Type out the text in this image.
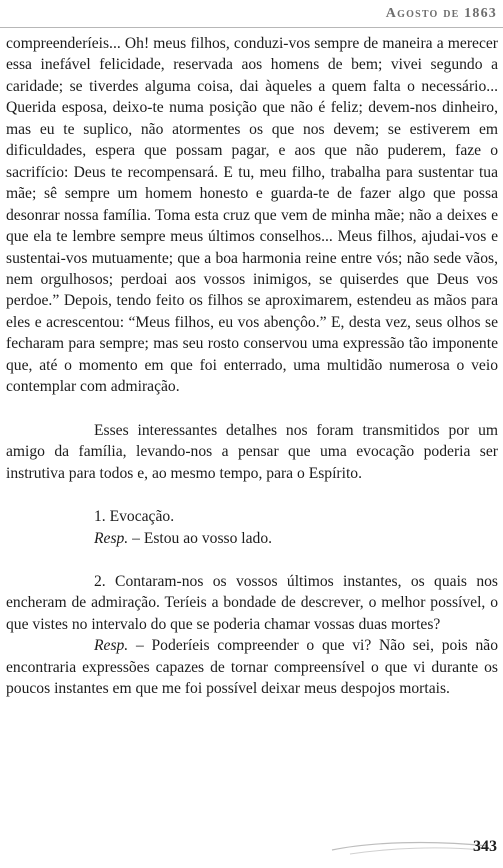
Agosto de 1863

compreenderíeis... Oh! meus filhos, conduzi-vos sempre de maneira a merecer essa inefável felicidade, reservada aos homens de bem; vivei segundo a caridade; se tiverdes alguma coisa, dai àqueles a quem falta o necessário... Querida esposa, deixo-te numa posição que não é feliz; devem-nos dinheiro, mas eu te suplico, não atormentes os que nos devem; se estiverem em dificuldades, espera que possam pagar, e aos que não puderem, faze o sacrifício: Deus te recompensará. E tu, meu filho, trabalha para sustentar tua mãe; sê sempre um homem honesto e guarda-te de fazer algo que possa desonrar nossa família. Toma esta cruz que vem de minha mãe; não a deixes e que ela te lembre sempre meus últimos conselhos... Meus filhos, ajudai-vos e sustentai-vos mutuamente; que a boa harmonia reine entre vós; não sede vãos, nem orgulhosos; perdoai aos vossos inimigos, se quiserdes que Deus vos perdoe.” Depois, tendo feito os filhos se aproximarem, estendeu as mãos para eles e acrescentou: “Meus filhos, eu vos abençôo.” E, desta vez, seus olhos se fecharam para sempre; mas seu rosto conservou uma expressão tão imponente que, até o momento em que foi enterrado, uma multidão numerosa o veio contemplar com admiração.

Esses interessantes detalhes nos foram transmitidos por um amigo da família, levando-nos a pensar que uma evocação poderia ser instrutiva para todos e, ao mesmo tempo, para o Espírito.

1. Evocação.

Resp. – Estou ao vosso lado.

2. Contaram-nos os vossos últimos instantes, os quais nos encheram de admiração. Teríeis a bondade de descrever, o melhor possível, o que vistes no intervalo do que se poderia chamar vossas duas mortes?

Resp. – Poderíeis compreender o que vi? Não sei, pois não encontraria expressões capazes de tornar compreensível o que vi durante os poucos instantes em que me foi possível deixar meus despojos mortais.

343
